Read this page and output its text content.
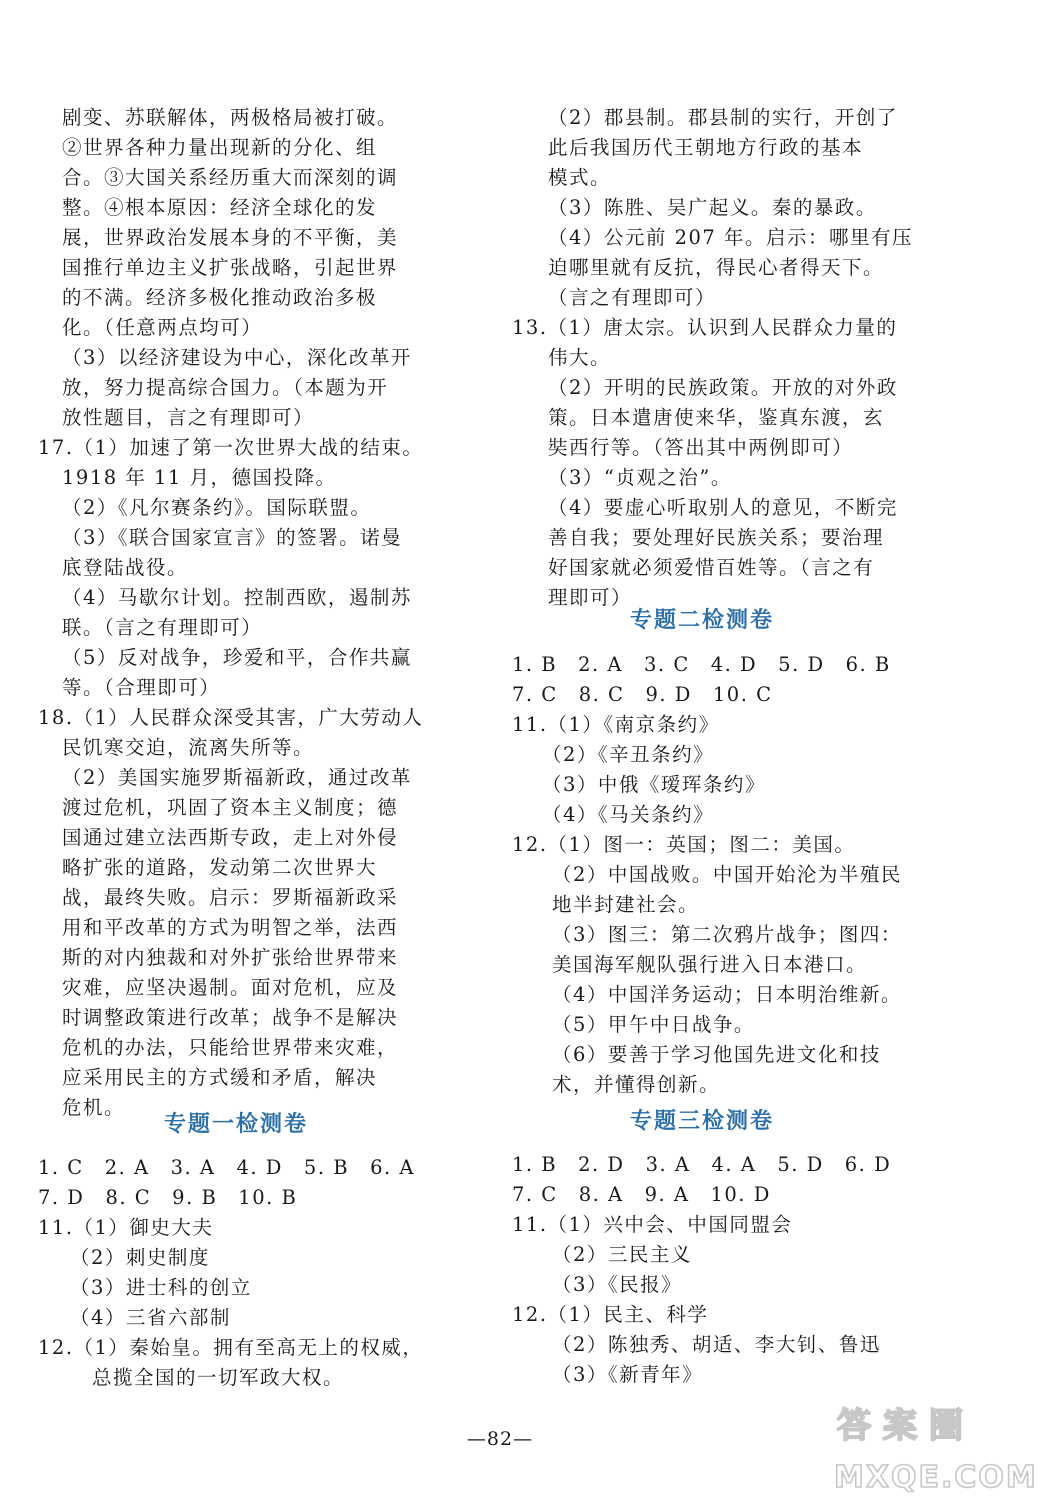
剧变、苏联解体，两极格局被打破。
②世界各种力量出现新的分化、组
合。③大国关系经历重大而深刻的调
整。④根本原因：经济全球化的发
展，世界政治发展本身的不平衡，美
国推行单边主义扩张战略，引起世界
的不满。经济多极化推动政治多极
化。（任意两点均可）
（3）以经济建设为中心，深化改革开
放，努力提高综合国力。（本题为开
放性题目，言之有理即可）
17.（1）加速了第一次世界大战的结束。
1918 年 11 月，德国投降。
（2）《凡尔赛条约》。国际联盟。
（3）《联合国家宣言》的签署。诺曼
底登陆战役。
（4）马歇尔计划。控制西欧，遏制苏
联。（言之有理即可）
（5）反对战争，珍爱和平，合作共赢
等。（合理即可）
18.（1）人民群众深受其害，广大劳动人
民饥寒交迫，流离失所等。
（2）美国实施罗斯福新政，通过改革
渡过危机，巩固了资本主义制度；德
国通过建立法西斯专政，走上对外侵
略扩张的道路，发动第二次世界大
战，最终失败。启示：罗斯福新政采
用和平改革的方式为明智之举，法西
斯的对内独裁和对外扩张给世界带来
灾难，应坚决遏制。面对危机，应及
时调整政策进行改革；战争不是解决
危机的办法，只能给世界带来灾难，
应采用民主的方式缓和矛盾，解决
危机。
专题一检测卷
1. C　2. A　3. A　4. D　5. B　6. A
7. D　8. C　9. B　10. B
11.（1）御史大夫
（2）刺史制度
（3）进士科的创立
（4）三省六部制
12.（1）秦始皇。拥有至高无上的权威，
总揽全国的一切军政大权。
（2）郡县制。郡县制的实行，开创了
此后我国历代王朝地方行政的基本
模式。
（3）陈胜、吴广起义。秦的暴政。
（4）公元前 207 年。启示：哪里有压
迫哪里就有反抗，得民心者得天下。
（言之有理即可）
13.（1）唐太宗。认识到人民群众力量的
伟大。
（2）开明的民族政策。开放的对外政
策。日本遣唐使来华，鉴真东渡，玄
奘西行等。（答出其中两例即可）
（3）“贞观之治”。
（4）要虚心听取别人的意见，不断完
善自我；要处理好民族关系；要治理
好国家就必须爱惜百姓等。（言之有
理即可）
专题二检测卷
1. B　2. A　3. C　4. D　5. D　6. B
7. C　8. C　9. D　10. C
11.（1）《南京条约》
（2）《辛丑条约》
（3）中俄《瑷珲条约》
（4）《马关条约》
12.（1）图一：英国；图二：美国。
（2）中国战败。中国开始沦为半殖民
地半封建社会。
（3）图三：第二次鸦片战争；图四：
美国海军舰队强行进入日本港口。
（4）中国洋务运动；日本明治维新。
（5）甲午中日战争。
（6）要善于学习他国先进文化和技
术，并懂得创新。
专题三检测卷
1. B　2. D　3. A　4. A　5. D　6. D
7. C　8. A　9. A　10. D
11.（1）兴中会、中国同盟会
（2）三民主义
（3）《民报》
12.（1）民主、科学
（2）陈独秀、胡适、李大钊、鲁迅
（3）《新青年》
—82—	答 案 圈
MXQE.COM
